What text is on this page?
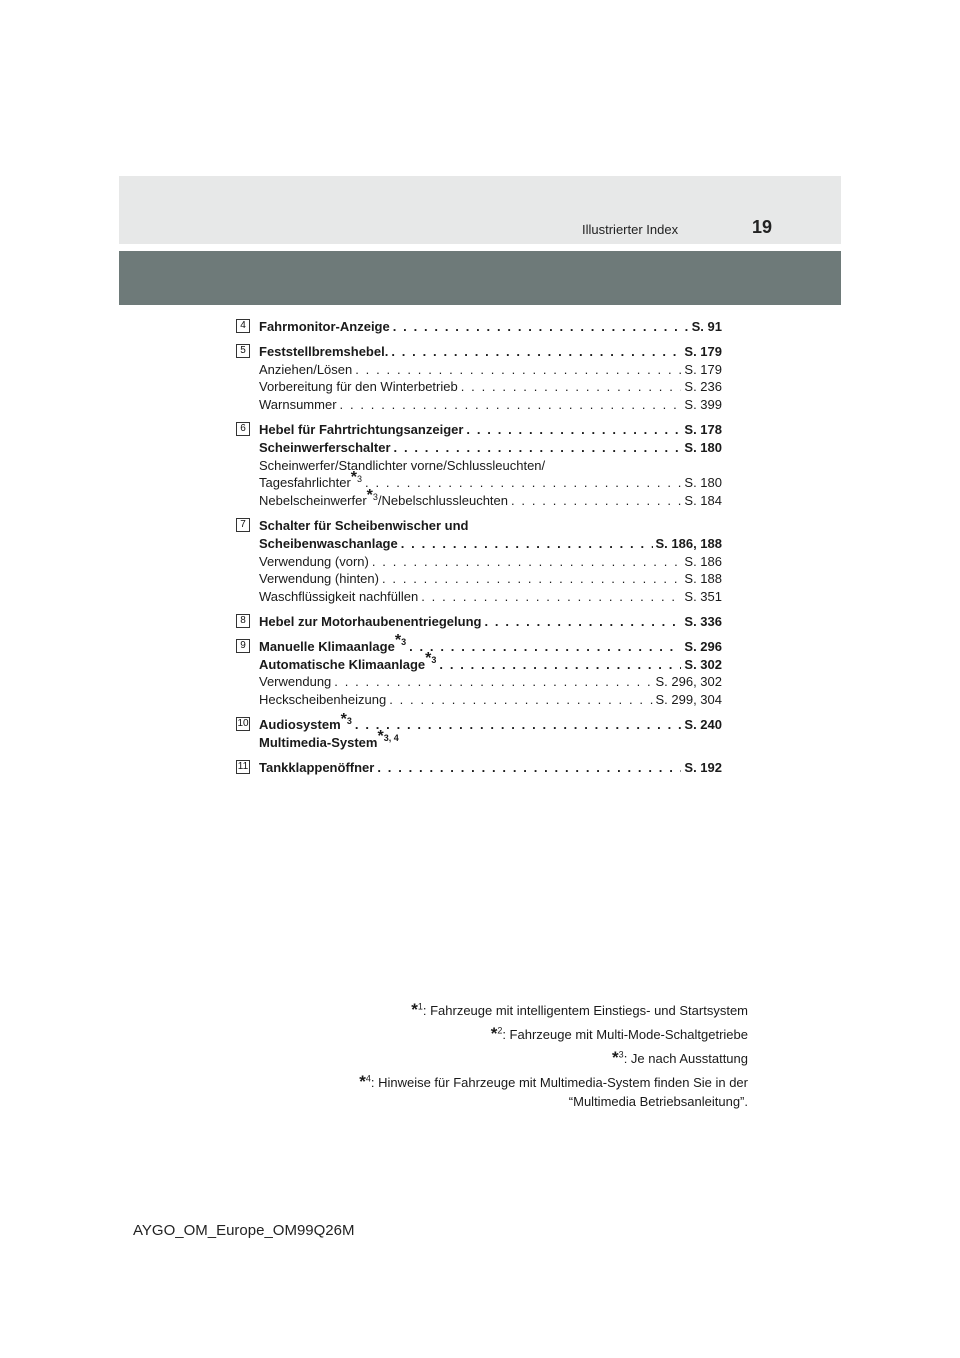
Illustrierter Index	19
4	Fahrmonitor-Anzeige . . .	S. 91
5	Feststellbremshebel. . . .	S. 179
Anziehen/Lösen . . .	S. 179
Vorbereitung für den Winterbetrieb . . .	S. 236
Warnsummer . . .	S. 399
6	Hebel für Fahrtrichtungsanzeiger . . .	S. 178
Scheinwerferschalter . . .	S. 180
Scheinwerfer/Standlichter vorne/Schlussleuchten/
Tagesfahrlichter$^{*3}$ . . .	S. 180
Nebelscheinwerfer$^{*3}$/Nebelschlussleuchten . . .	S. 184
7	Schalter für Scheibenwischer und
Scheibenwaschanlage . . .	S. 186, 188
Verwendung (vorn) . . .	S. 186
Verwendung (hinten) . . .	S. 188
Waschflüssigkeit nachfüllen . . .	S. 351
8	Hebel zur Motorhaubenentriegelung . . .	S. 336
9	Manuelle Klimaanlage$^{*3}$ . . .	S. 296
Automatische Klimaanlage$^{*3}$ . . .	S. 302
Verwendung . . .	S. 296, 302
Heckscheibenheizung . . .	S. 299, 304
10 Audiosystem$^{*3}$ . . .	S. 240
Multimedia-System$^{*3, 4}$
11 Tankklappenöffner . . .	S. 192
*$^1$: Fahrzeuge mit intelligentem Einstiegs- und Startsystem
*$^2$: Fahrzeuge mit Multi-Mode-Schaltgetriebe
*$^3$: Je nach Ausstattung
*$^4$: Hinweise für Fahrzeuge mit Multimedia-System finden Sie in der
“Multimedia Betriebsanleitung”.
AYGO_OM_Europe_OM99Q26M
